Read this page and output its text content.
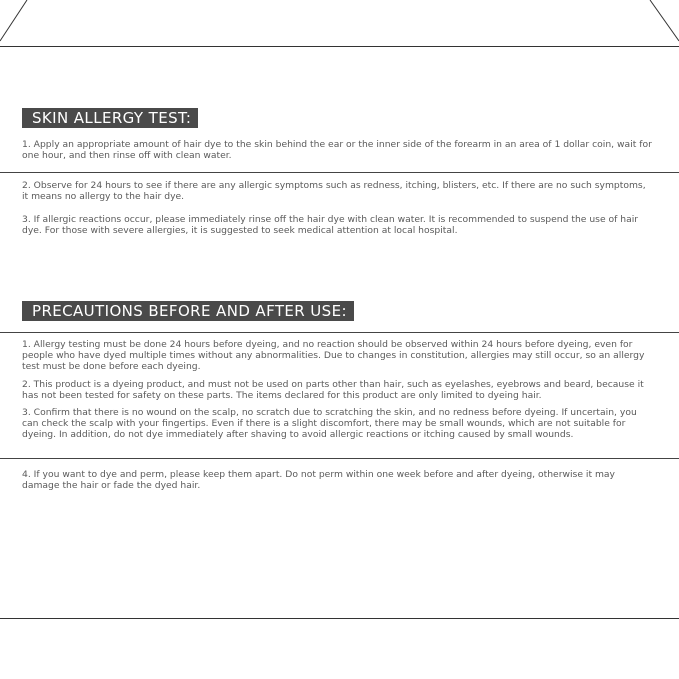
SKIN ALLERGY TEST:

1. Apply an appropriate amount of hair dye to the skin behind the ear or the inner side of the forearm in an area of 1 dollar coin, wait for one hour, and then rinse off with clean water.

2. Observe for 24 hours to see if there are any allergic symptoms such as redness, itching, blisters, etc. If there are no such symptoms, it means no allergy to the hair dye.

3. If allergic reactions occur, please immediately rinse off the hair dye with clean water. It is recommended to suspend the use of hair dye. For those with severe allergies, it is suggested to seek medical attention at local hospital.

PRECAUTIONS BEFORE AND AFTER USE:

1. Allergy testing must be done 24 hours before dyeing, and no reaction should be observed within 24 hours before dyeing, even for people who have dyed multiple times without any abnormalities. Due to changes in constitution, allergies may still occur, so an allergy test must be done before each dyeing.

2. This product is a dyeing product, and must not be used on parts other than hair, such as eyelashes, eyebrows and beard, because it has not been tested for safety on these parts. The items declared for this product are only limited to dyeing hair.

3. Confirm that there is no wound on the scalp, no scratch due to scratching the skin, and no redness before dyeing. If uncertain, you can check the scalp with your fingertips. Even if there is a slight discomfort, there may be small wounds, which are not suitable for dyeing. In addition, do not dye immediately after shaving to avoid allergic reactions or itching caused by small wounds.

4. If you want to dye and perm, please keep them apart. Do not perm within one week before and after dyeing, otherwise it may damage the hair or fade the dyed hair.
